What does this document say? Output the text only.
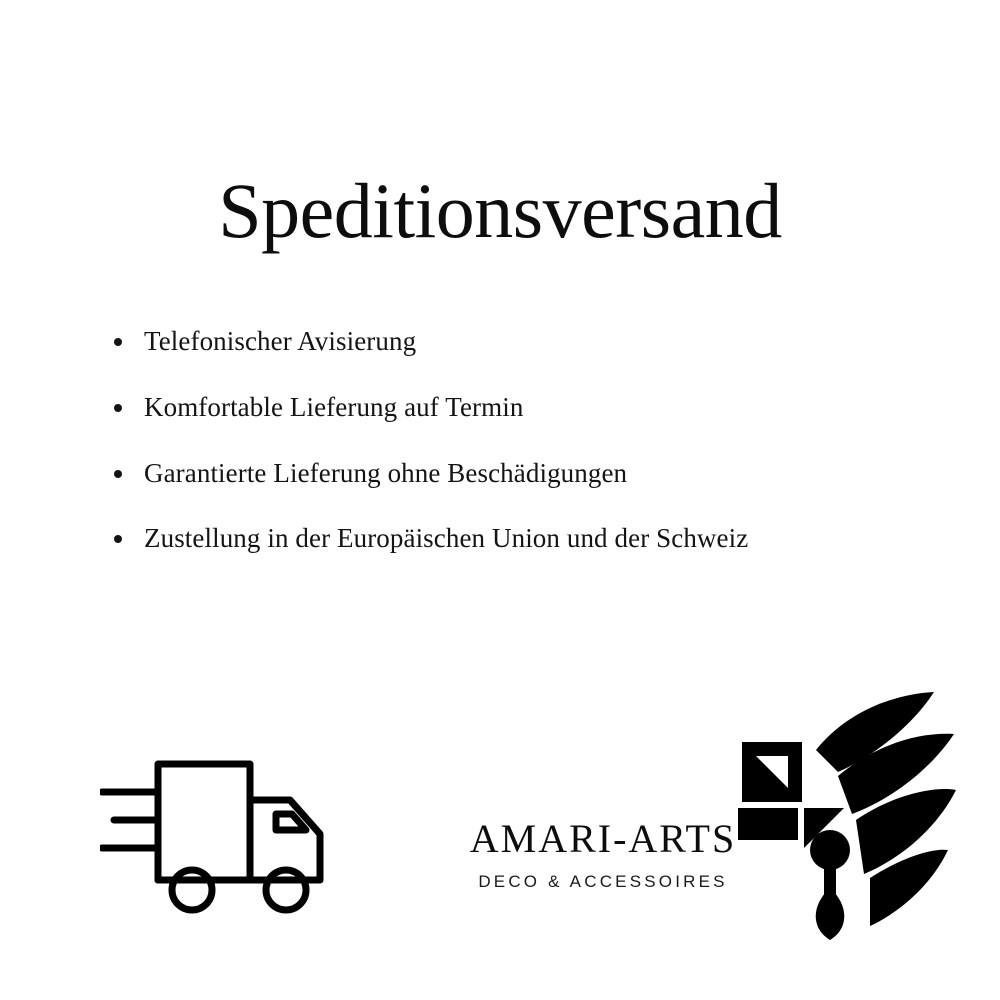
Speditionsversand
Telefonischer Avisierung
Komfortable Lieferung auf Termin
Garantierte Lieferung ohne Beschädigungen
Zustellung in der Europäischen Union und der Schweiz
AMARI-ARTS
DECO & ACCESSOIRES
